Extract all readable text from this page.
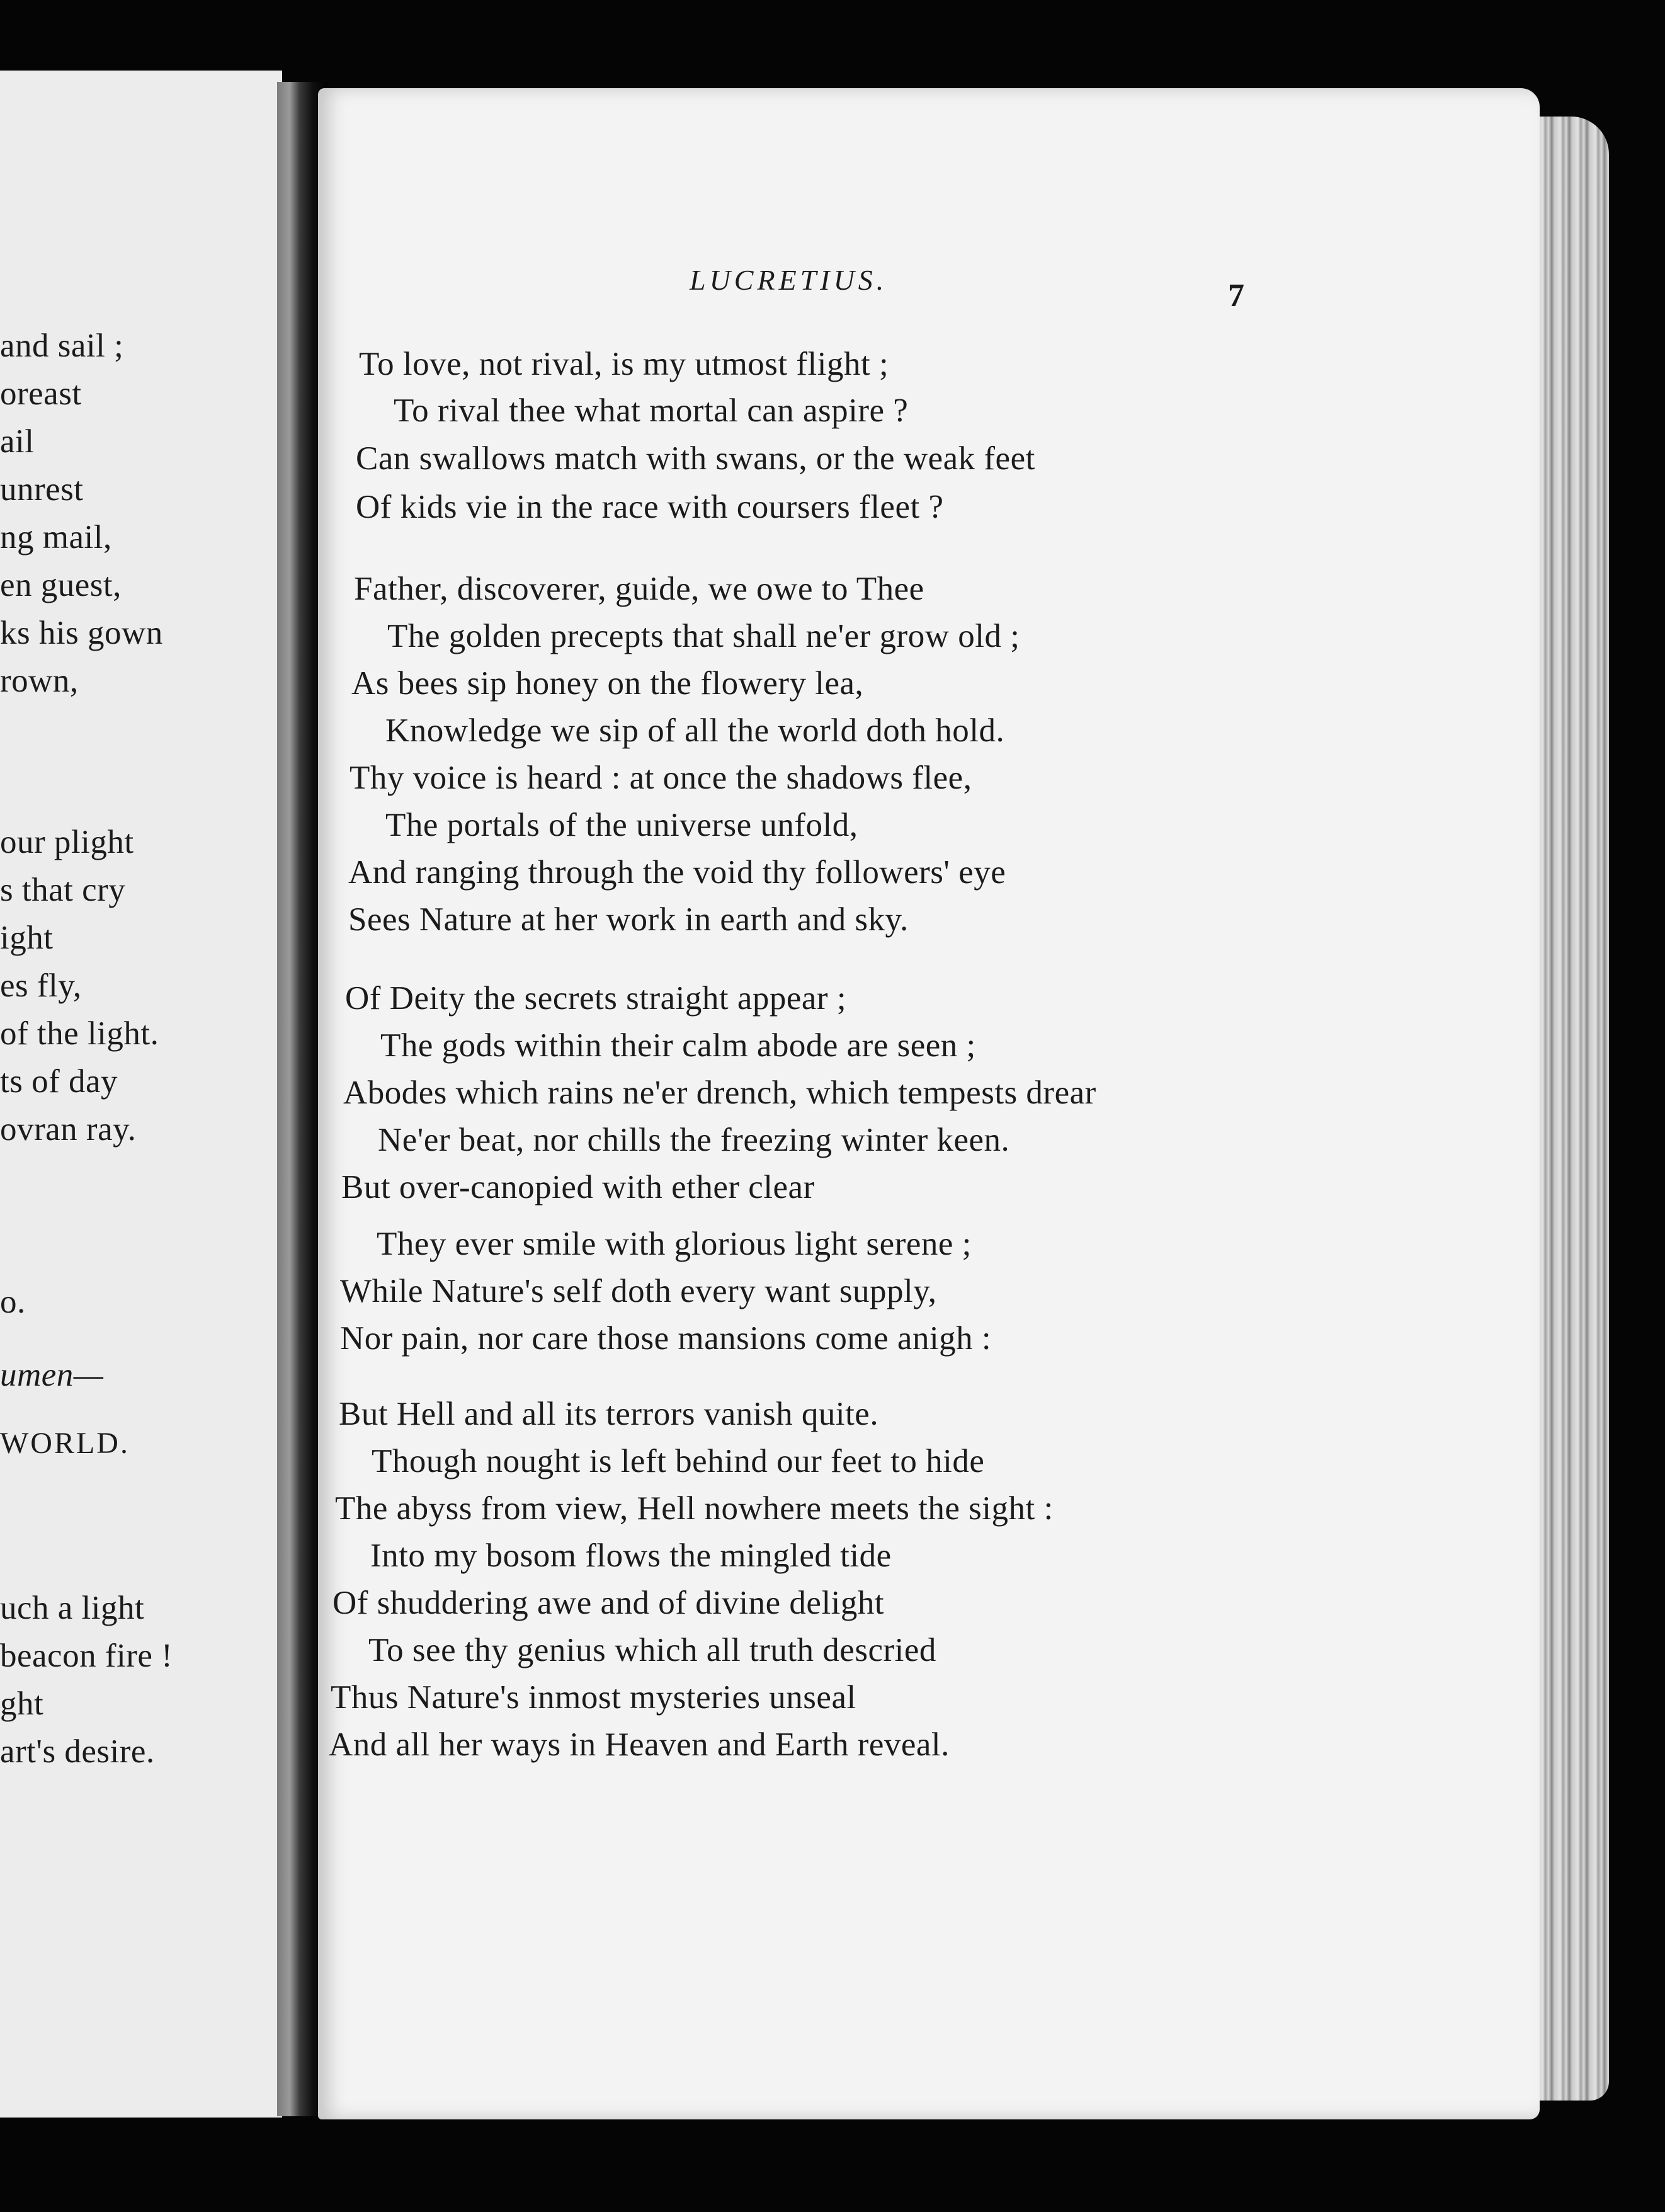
and sail ;
oreast
ail
unrest
ng mail,
en guest,
ks his gown
rown,
our plight
s that cry
ight
es fly,
of the light.
ts of day
ovran ray.
o.
umen—
WORLD.
uch a light
beacon fire !
ght
art's desire.
LUCRETIUS.	7
To love, not rival, is my utmost flight ;
To rival thee what mortal can aspire ?
Can swallows match with swans, or the weak feet
Of kids vie in the race with coursers fleet ?
Father, discoverer, guide, we owe to Thee
The golden precepts that shall ne'er grow old ;
As bees sip honey on the flowery lea,
Knowledge we sip of all the world doth hold.
Thy voice is heard : at once the shadows flee,
The portals of the universe unfold,
And ranging through the void thy followers' eye
Sees Nature at her work in earth and sky.
Of Deity the secrets straight appear ;
The gods within their calm abode are seen ;
Abodes which rains ne'er drench, which tempests drear
Ne'er beat, nor chills the freezing winter keen.
But over-canopied with ether clear
They ever smile with glorious light serene ;
While Nature's self doth every want supply,
Nor pain, nor care those mansions come anigh :
But Hell and all its terrors vanish quite.
Though nought is left behind our feet to hide
The abyss from view, Hell nowhere meets the sight :
Into my bosom flows the mingled tide
Of shuddering awe and of divine delight
To see thy genius which all truth descried
Thus Nature's inmost mysteries unseal
And all her ways in Heaven and Earth reveal.
